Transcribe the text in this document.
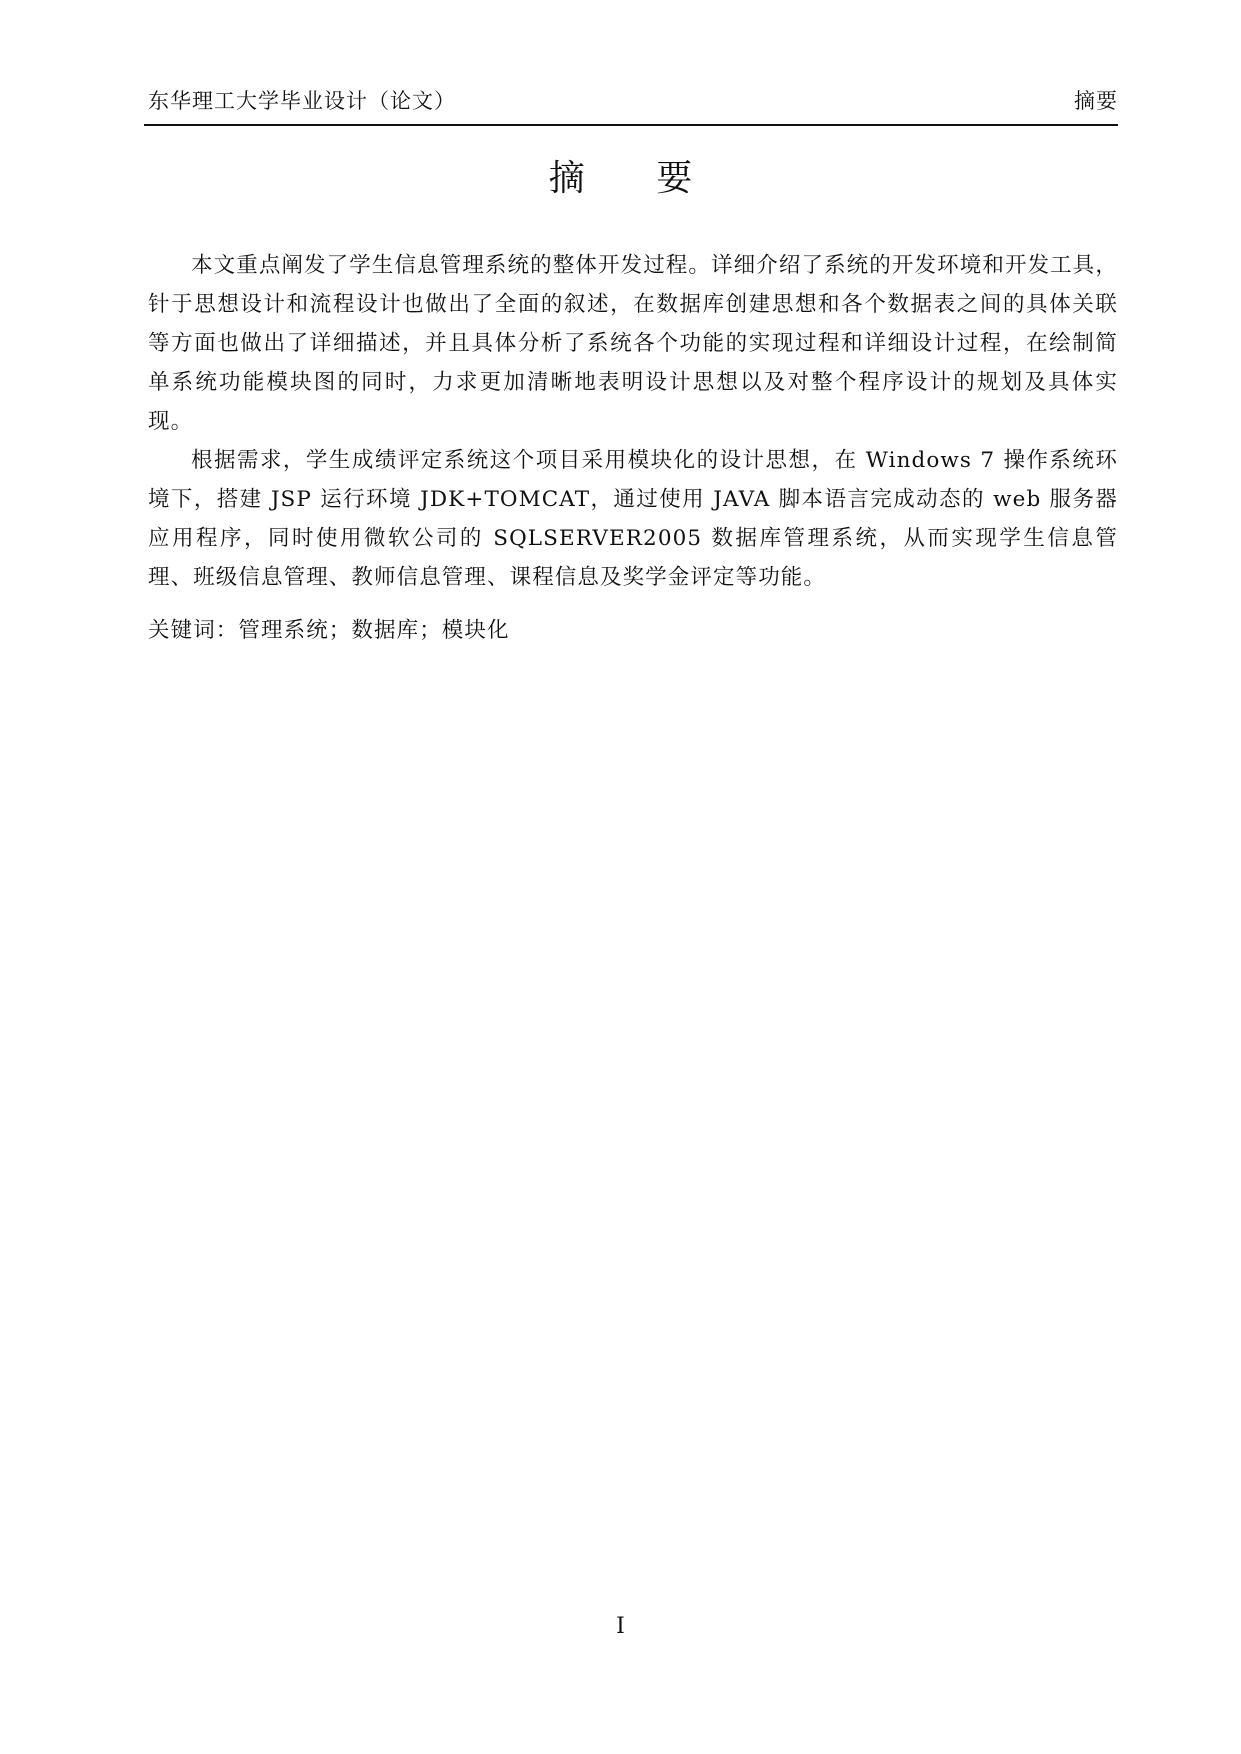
东华理工大学毕业设计（论文）	摘要
摘 要

本文重点阐发了学生信息管理系统的整体开发过程。详细介绍了系统的开发环境和开发工具，针于思想设计和流程设计也做出了全面的叙述，在数据库创建思想和各个数据表之间的具体关联等方面也做出了详细描述，并且具体分析了系统各个功能的实现过程和详细设计过程，在绘制简单系统功能模块图的同时，力求更加清晰地表明设计思想以及对整个程序设计的规划及具体实现。

根据需求，学生成绩评定系统这个项目采用模块化的设计思想，在 Windows 7 操作系统环境下，搭建 JSP 运行环境 JDK+TOMCAT，通过使用 JAVA 脚本语言完成动态的 web 服务器应用程序，同时使用微软公司的 SQLSERVER2005 数据库管理系统，从而实现学生信息管理、班级信息管理、教师信息管理、课程信息及奖学金评定等功能。

关键词：管理系统；数据库；模块化
I
